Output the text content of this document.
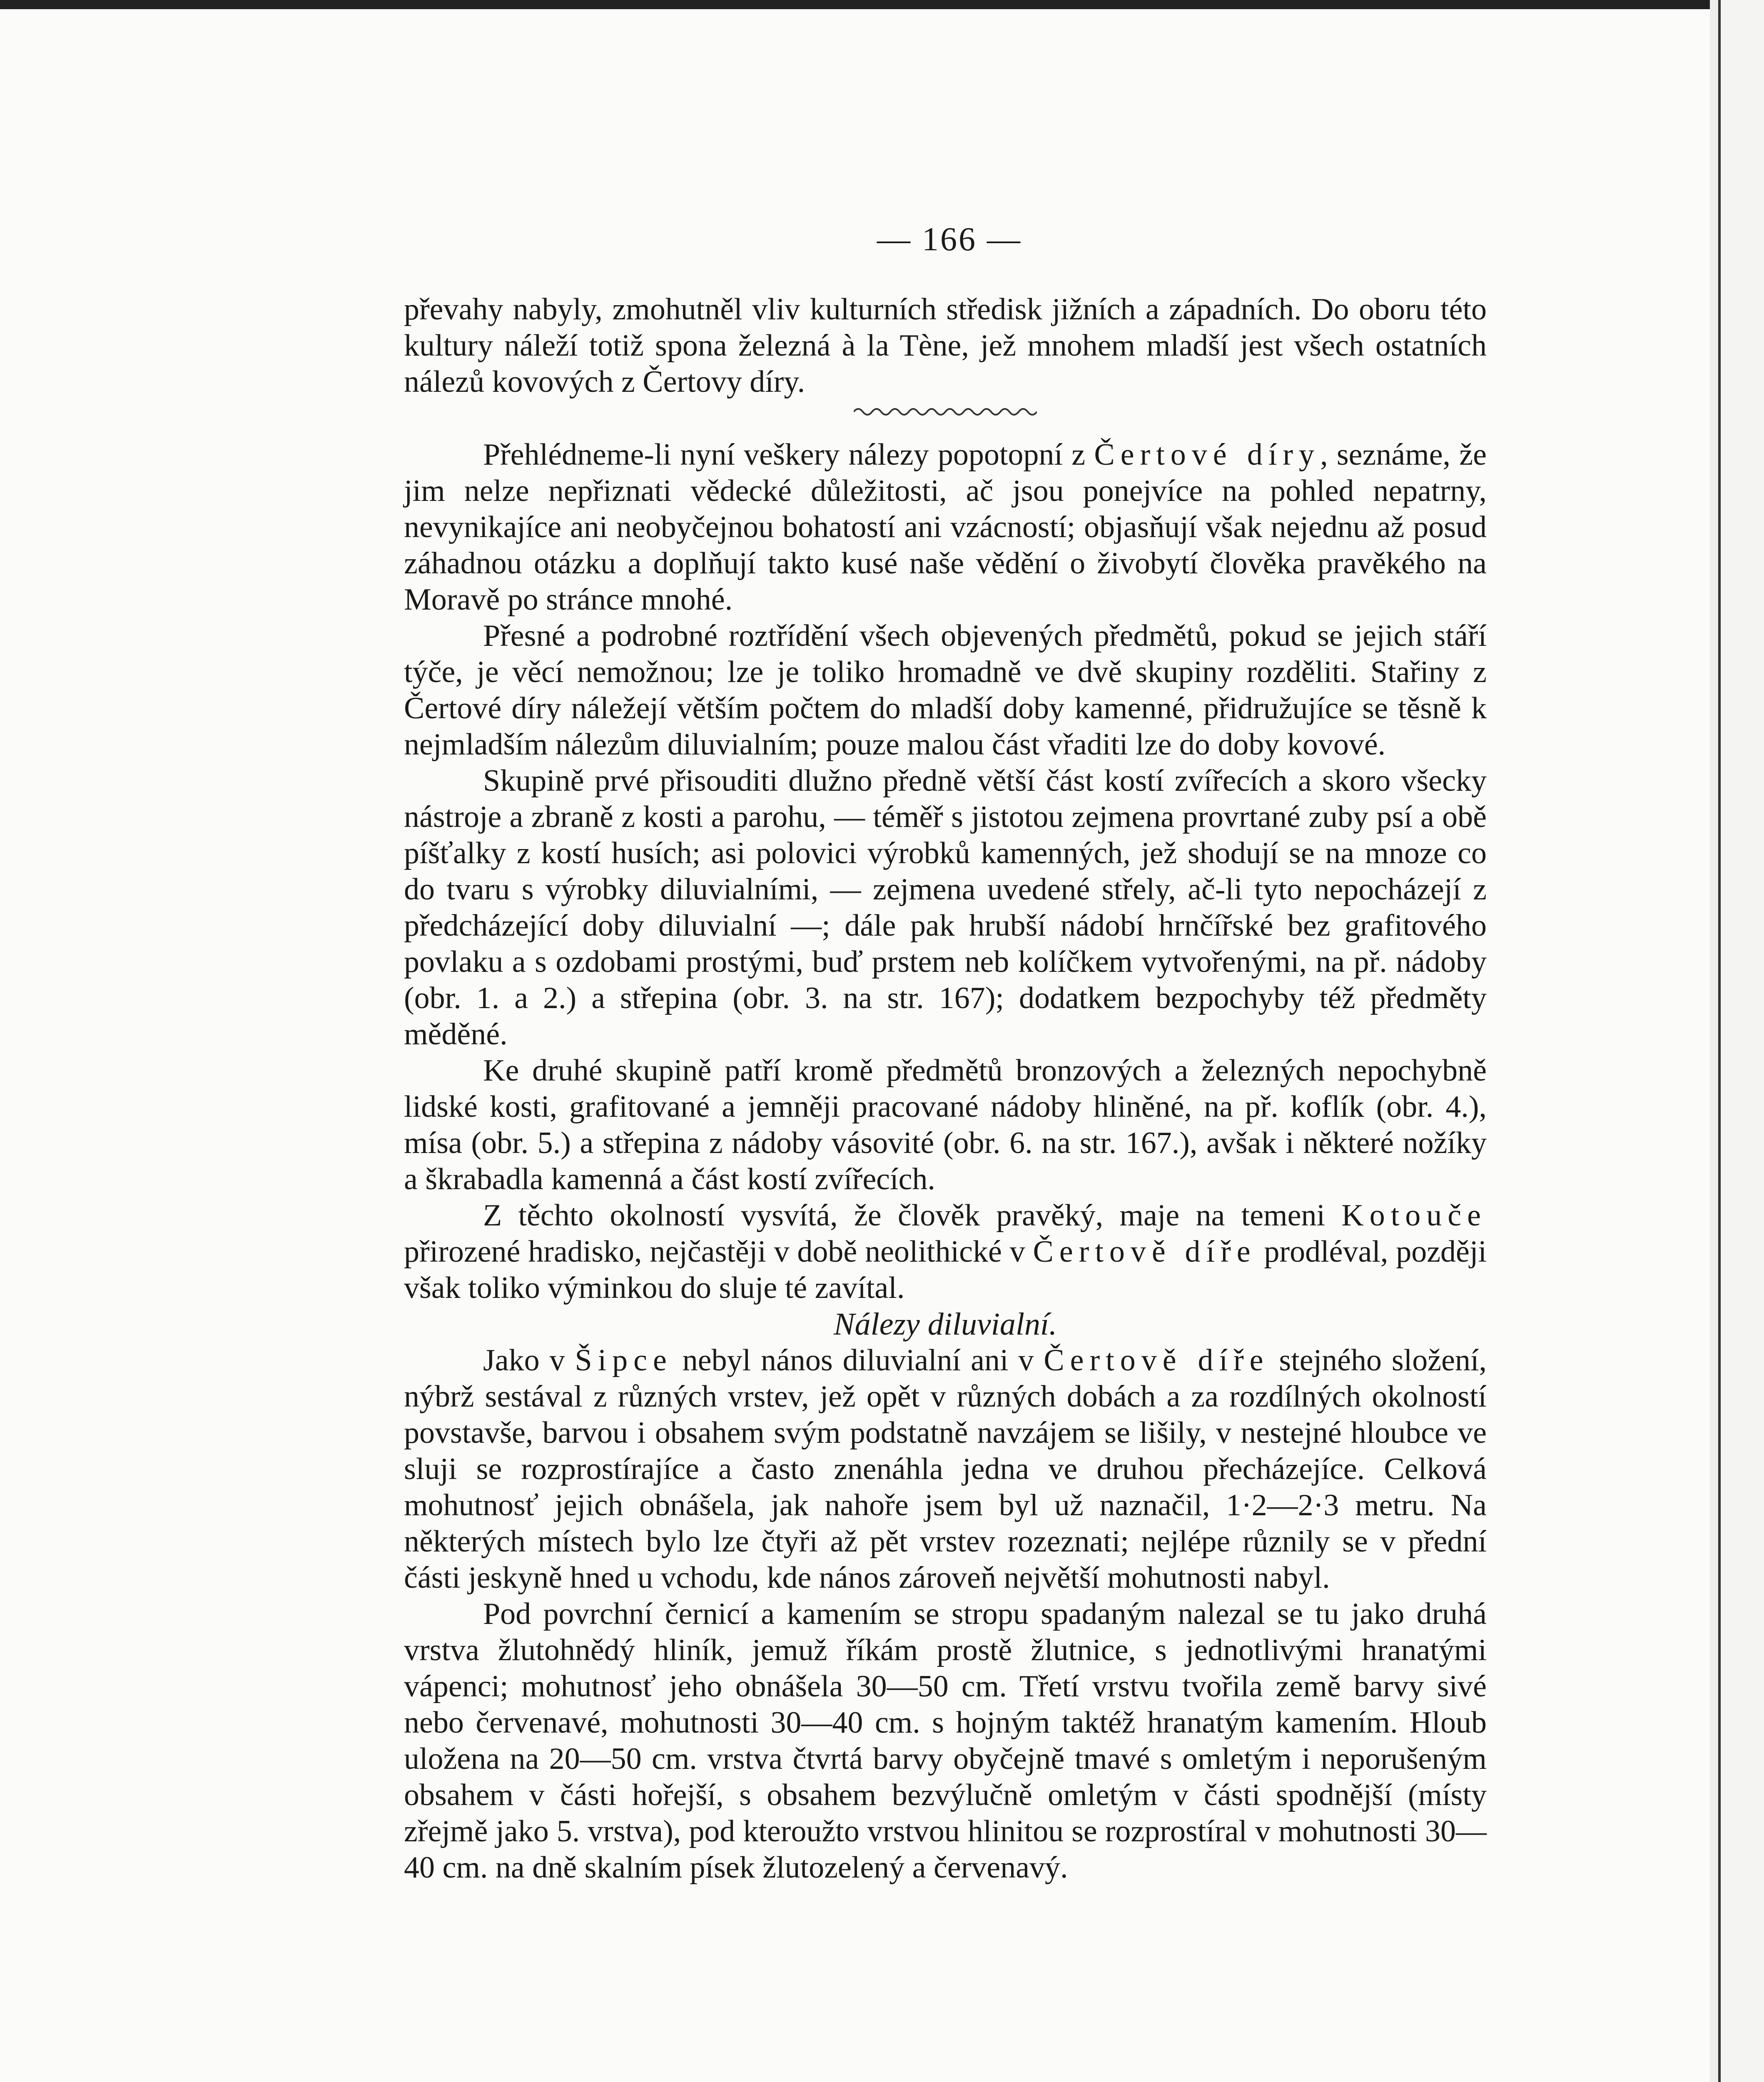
— 166 —

převahy nabyly, zmohutněl vliv kulturních středisk jižních a západních. Do oboru této kultury náleží totiž spona železná à la Tène, jež mnohem mladší jest všech ostatních nálezů kovových z Čertovy díry.

Přehlédneme-li nyní veškery nálezy popotopní z Čertové díry, seznáme, že jim nelze nepřiznati vědecké důležitosti, ač jsou ponejvíce na pohled nepatrny, nevynikajíce ani neobyčejnou bohatostí ani vzácností; objasňují však nejednu až posud záhadnou otázku a doplňují takto kusé naše vědění o živobytí člověka pravěkého na Moravě po stránce mnohé.

Přesné a podrobné roztřídění všech objevených předmětů, pokud se jejich stáří týče, je věcí nemožnou; lze je toliko hromadně ve dvě skupiny rozděliti. Stařiny z Čertové díry náležejí větším počtem do mladší doby kamenné, přidružujíce se těsně k nejmladším nálezům diluvialním; pouze malou část vřaditi lze do doby kovové.

Skupině prvé přisouditi dlužno předně větší část kostí zvířecích a skoro všecky nástroje a zbraně z kosti a parohu, — téměř s jistotou zejmena provrtané zuby psí a obě píšťalky z kostí husích; asi polovici výrobků kamenných, jež shodují se na mnoze co do tvaru s výrobky diluvialními, — zejmena uvedené střely, ač-li tyto nepocházejí z předcházející doby diluvialní —; dále pak hrubší nádobí hrnčířské bez grafitového povlaku a s ozdobami prostými, buď prstem neb kolíčkem vytvořenými, na př. nádoby (obr. 1. a 2.) a střepina (obr. 3. na str. 167); dodatkem bezpochyby též předměty měděné.

Ke druhé skupině patří kromě předmětů bronzových a železných nepochybně lidské kosti, grafitované a jemněji pracované nádoby hliněné, na př. koflík (obr. 4.), mísa (obr. 5.) a střepina z nádoby vásovité (obr. 6. na str. 167.), avšak i některé nožíky a škrabadla kamenná a část kostí zvířecích.

Z těchto okolností vysvítá, že člověk pravěký, maje na temeni Kotouče přirozené hradisko, nejčastěji v době neolithické v Čertově díře prodléval, později však toliko výminkou do sluje té zavítal.

Nálezy diluvialní.

Jako v Šipce nebyl nános diluvialní ani v Čertově díře stejného složení, nýbrž sestával z různých vrstev, jež opět v různých dobách a za rozdílných okolností povstavše, barvou i obsahem svým podstatně navzájem se lišily, v nestejné hloubce ve sluji se rozprostírajíce a často znenáhla jedna ve druhou přecházejíce. Celková mohutnosť jejich obnášela, jak nahoře jsem byl už naznačil, 1·2—2·3 metru. Na některých místech bylo lze čtyři až pět vrstev rozeznati; nejlépe různily se v přední části jeskyně hned u vchodu, kde nános zároveň největší mohutnosti nabyl.

Pod povrchní černicí a kamením se stropu spadaným nalezal se tu jako druhá vrstva žlutohnědý hliník, jemuž říkám prostě žlutnice, s jednotlivými hranatými vápenci; mohutnosť jeho obnášela 30—50 cm. Třetí vrstvu tvořila země barvy sivé nebo červenavé, mohutnosti 30—40 cm. s hojným taktéž hranatým kamením. Hloub uložena na 20—50 cm. vrstva čtvrtá barvy obyčejně tmavé s omletým i neporušeným obsahem v části hořejší, s obsahem bezvýlučně omletým v části spodnější (místy zřejmě jako 5. vrstva), pod kteroužto vrstvou hlinitou se rozprostíral v mohutnosti 30—40 cm. na dně skalním písek žlutozelený a červenavý.
